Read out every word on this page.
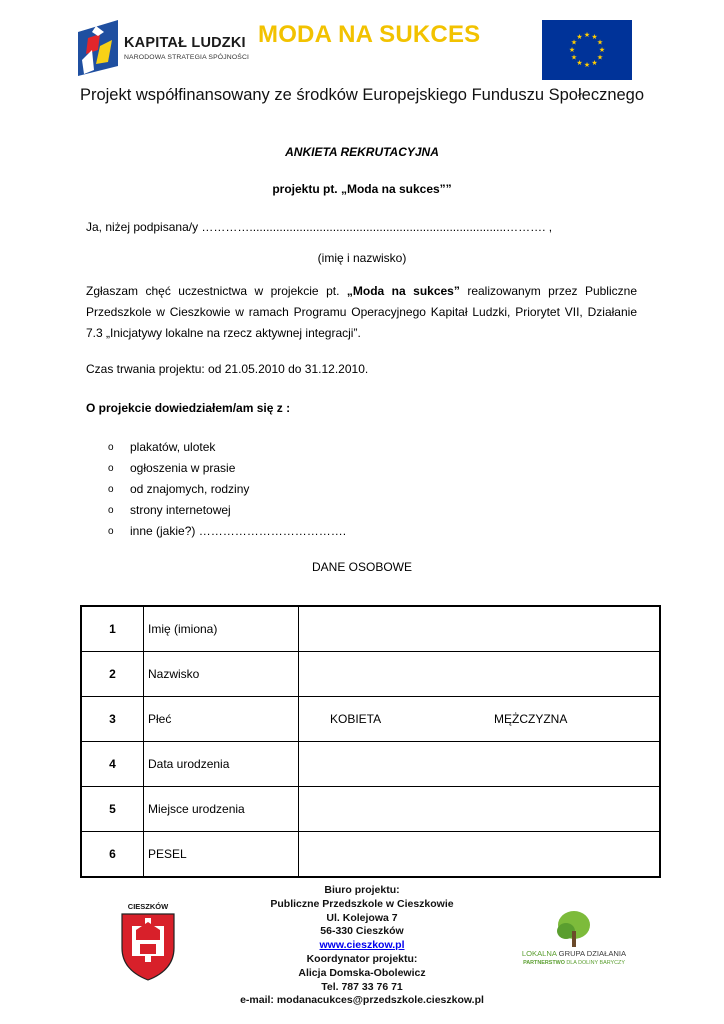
KAPITAŁ LUDZKI
NARODOWA STRATEGIA SPÓJNOŚCI
MODA NA SUKCES	★ ★
★
★
★
★
★
★
★
★
★
★
Projekt współfinansowany ze środków Europejskiego Funduszu Społecznego
ANKIETA REKRUTACYJNA
projektu pt. „Moda na sukces””
Ja, niżej podpisana/y ………….............................................................................………. ,
(imię i nazwisko)
Zgłaszam chęć uczestnictwa w projekcie pt. „Moda na sukces” realizowanym przez Publiczne Przedszkole w Cieszkowie w ramach Programu Operacyjnego Kapitał Ludzki, Priorytet VII, Działanie 7.3 „Inicjatywy lokalne na rzecz aktywnej integracji”.
Czas trwania projektu: od 21.05.2010 do 31.12.2010.
O projekcie dowiedziałem/am się z :
o	plakatów, ulotek
o	ogłoszenia w prasie
o	od znajomych, rodziny
o	strony internetowej
o	inne (jakie?) ……………………………….
DANE OSOBOWE
1	Imię (imiona)	
2	Nazwisko	
3	Płeć	KOBIETA MĘŻCZYZNA

4	Data urodzenia	
5	Miejsce urodzenia	
6	PESEL	
CIESZKÓW
LOKALNA GRUPA DZIAŁANIA
PARTNERSTWO DLA DOLINY BARYCZY
Biuro projektu:
Publiczne Przedszkole w Cieszkowie
Ul. Kolejowa 7
56-330 Cieszków
www.cieszkow.pl
Koordynator projektu:
Alicja Domska-Obolewicz
Tel. 787 33 76 71
e-mail: modanacukces@przedszkole.cieszkow.pl
